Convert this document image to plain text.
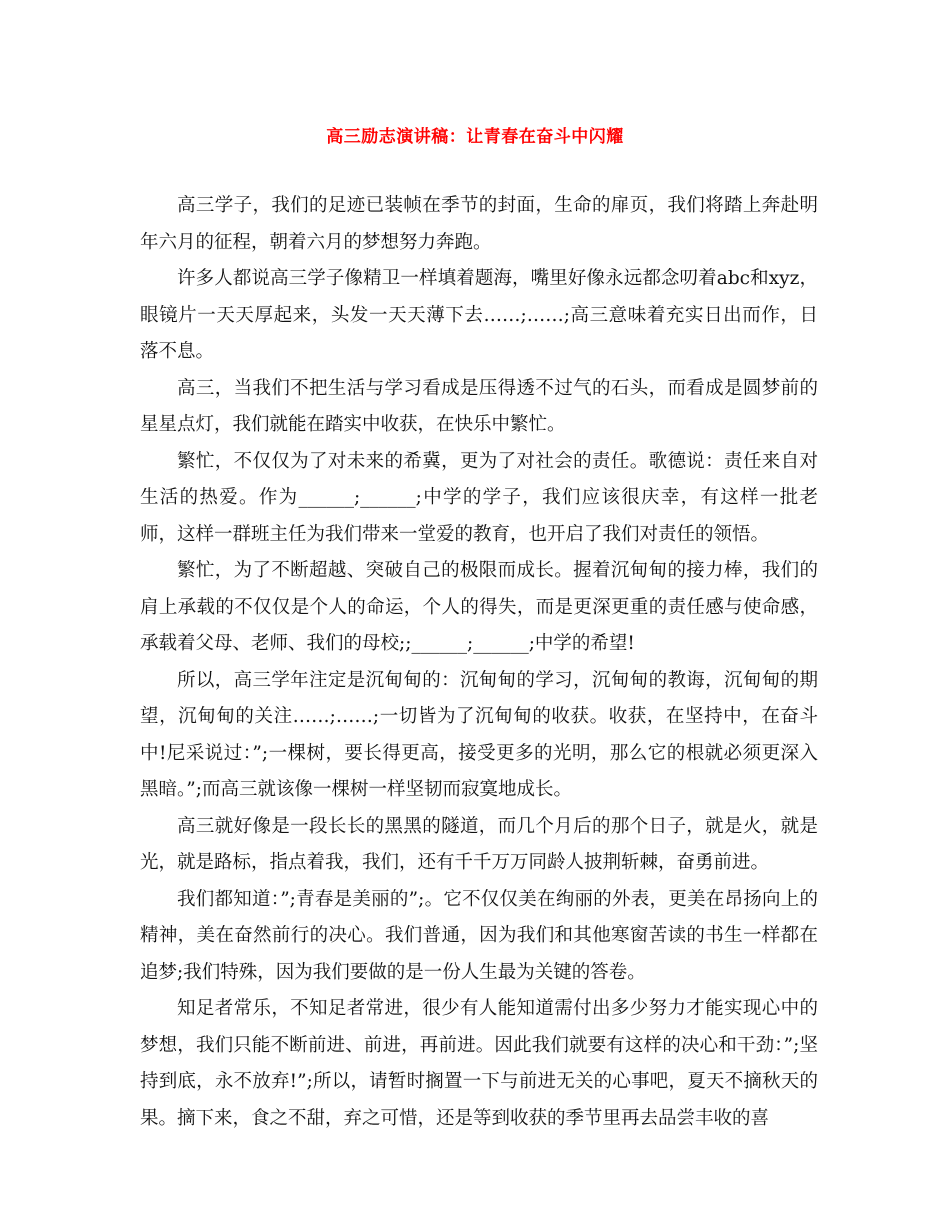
高三励志演讲稿：让青春在奋斗中闪耀

高三学子，我们的足迹已装帧在季节的封面，生命的扉页，我们将踏上奔赴明年六月的征程，朝着六月的梦想努力奔跑。

许多人都说高三学子像精卫一样填着题海，嘴里好像永远都念叨着abc和xyz，眼镜片一天天厚起来，头发一天天薄下去……;……;高三意味着充实日出而作，日落不息。

高三，当我们不把生活与学习看成是压得透不过气的石头，而看成是圆梦前的星星点灯，我们就能在踏实中收获，在快乐中繁忙。

繁忙，不仅仅为了对未来的希冀，更为了对社会的责任。歌德说：责任来自对生活的热爱。作为______;______;中学的学子，我们应该很庆幸，有这样一批老师，这样一群班主任为我们带来一堂爱的教育，也开启了我们对责任的领悟。

繁忙，为了不断超越、突破自己的极限而成长。握着沉甸甸的接力棒，我们的肩上承载的不仅仅是个人的命运，个人的得失，而是更深更重的责任感与使命感，承载着父母、老师、我们的母校;;______;______;中学的希望!

所以，高三学年注定是沉甸甸的：沉甸甸的学习，沉甸甸的教诲，沉甸甸的期望，沉甸甸的关注……;……;一切皆为了沉甸甸的收获。收获，在坚持中，在奋斗中!尼采说过：”;一棵树，要长得更高，接受更多的光明，那么它的根就必须更深入黑暗。”;而高三就该像一棵树一样坚韧而寂寞地成长。

高三就好像是一段长长的黑黑的隧道，而几个月后的那个日子，就是火，就是光，就是路标，指点着我，我们，还有千千万万同龄人披荆斩棘，奋勇前进。

我们都知道：”;青春是美丽的”;。它不仅仅美在绚丽的外表，更美在昂扬向上的精神，美在奋然前行的决心。我们普通，因为我们和其他寒窗苦读的书生一样都在追梦;我们特殊，因为我们要做的是一份人生最为关键的答卷。

知足者常乐，不知足者常进，很少有人能知道需付出多少努力才能实现心中的梦想，我们只能不断前进、前进，再前进。因此我们就要有这样的决心和干劲：”;坚持到底，永不放弃!”;所以，请暂时搁置一下与前进无关的心事吧，夏天不摘秋天的果。摘下来，食之不甜，弃之可惜，还是等到收获的季节里再去品尝丰收的喜
